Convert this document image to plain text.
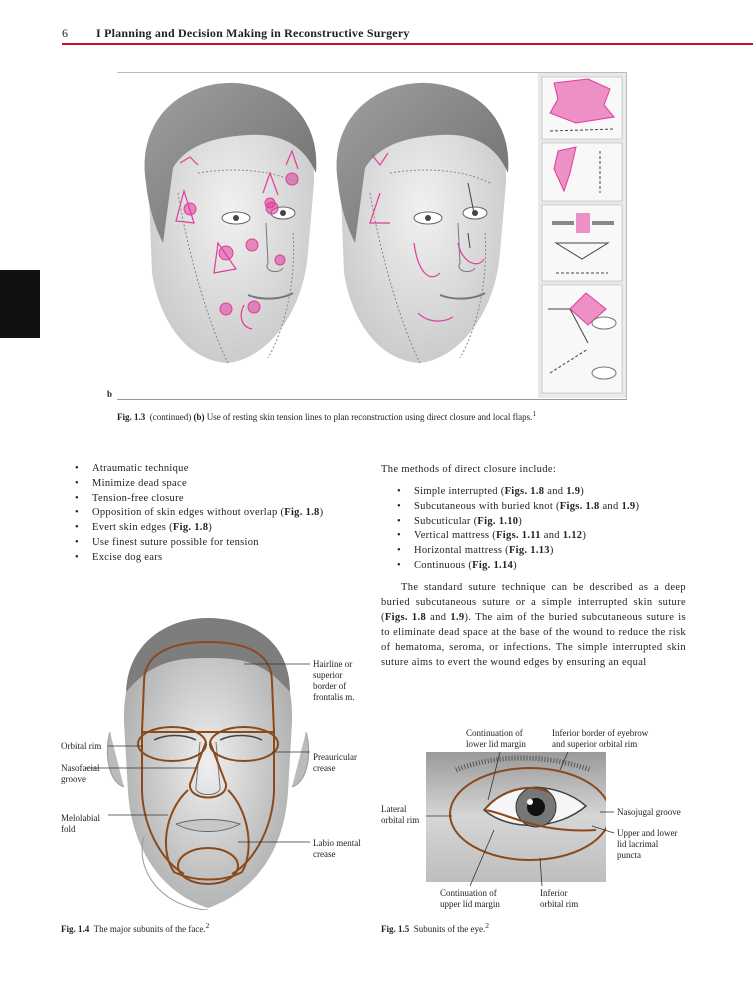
6 I Planning and Decision Making in Reconstructive Surgery
b
Fig. 1.3 (continued) (b) Use of resting skin tension lines to plan reconstruction using direct closure and local flaps.$^1$
• Atraumatic technique
• Minimize dead space
• Tension-free closure
• Opposition of skin edges without overlap (Fig. 1.8)
• Evert skin edges (Fig. 1.8)
• Use finest suture possible for tension
• Excise dog ears
The methods of direct closure include:
• Simple interrupted (Figs. 1.8 and 1.9)
• Subcutaneous with buried knot (Figs. 1.8 and 1.9)
• Subcuticular (Fig. 1.10)
• Vertical mattress (Figs. 1.11 and 1.12)
• Horizontal mattress (Fig. 1.13)
• Continuous (Fig. 1.14)
The standard suture technique can be described as a deep buried subcutaneous suture or a simple interrupted skin suture (Figs. 1.8 and 1.9). The aim of the buried subcutaneous suture is to eliminate dead space at the base of the wound to reduce the risk of hematoma, seroma, or infections. The simple interrupted skin suture aims to evert the wound edges by ensuring an equal
Hairline or
superior
border of
frontalis m.
Orbital rim
Nasofacial
groove
Preauricular
crease
Melolabial
fold
Labio mental
crease
Fig. 1.4 The major subunits of the face.$^2$
Continuation of
lower lid margin
Inferior border of eyebrow
and superior orbital rim
Lateral
orbital rim
Nasojugal groove
Upper and lower
lid lacrimal
puncta
Continuation of
upper lid margin
Inferior
orbital rim
Fig. 1.5 Subunits of the eye.$^2$
